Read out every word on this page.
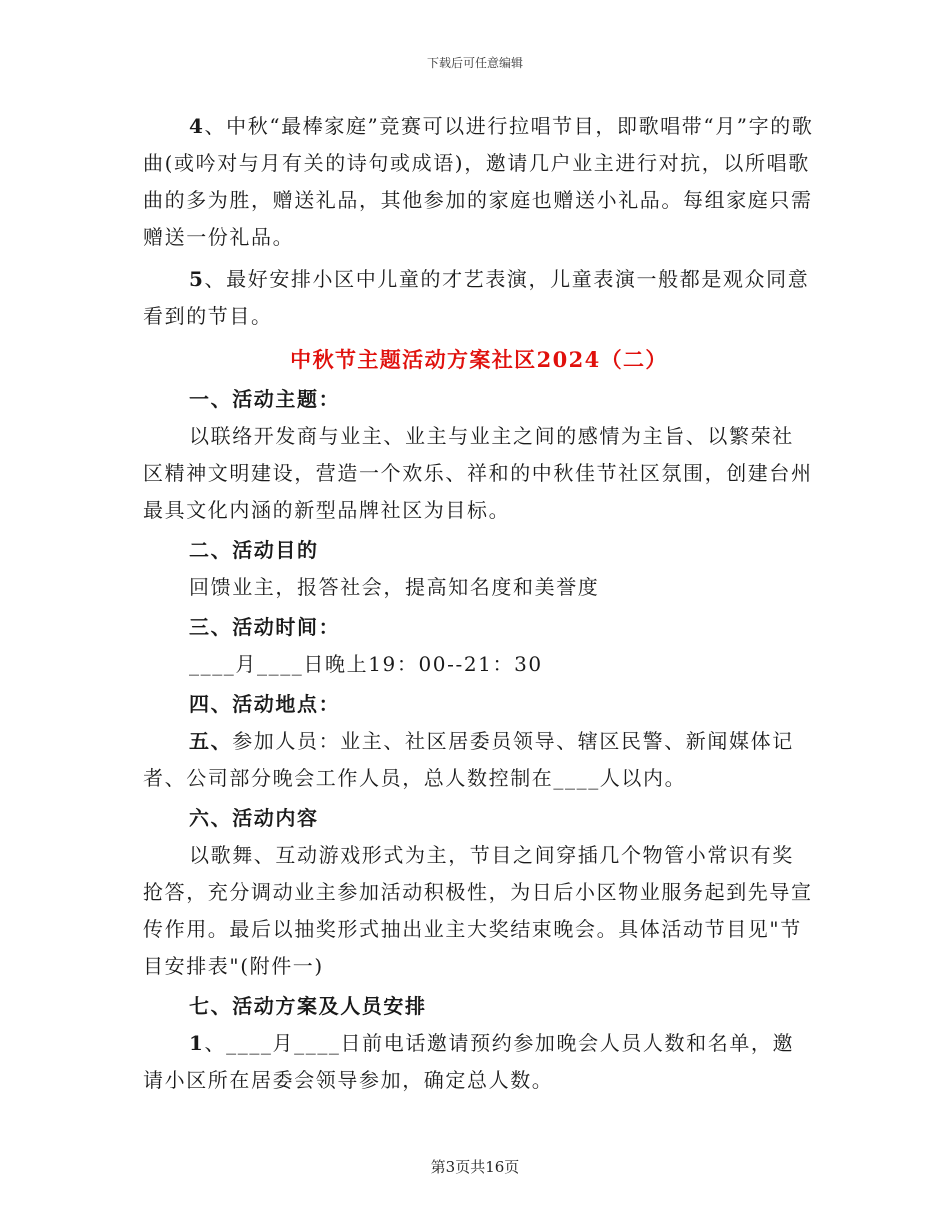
下载后可任意编辑

4、中秋“最棒家庭”竞赛可以进行拉唱节目，即歌唱带“月”字的歌曲(或吟对与月有关的诗句或成语)，邀请几户业主进行对抗，以所唱歌曲的多为胜，赠送礼品，其他参加的家庭也赠送小礼品。每组家庭只需赠送一份礼品。

5、最好安排小区中儿童的才艺表演，儿童表演一般都是观众同意看到的节目。

中秋节主题活动方案社区2024（二）

一、活动主题：

以联络开发商与业主、业主与业主之间的感情为主旨、以繁荣社区精神文明建设，营造一个欢乐、祥和的中秋佳节社区氛围，创建台州最具文化内涵的新型品牌社区为目标。

二、活动目的

回馈业主，报答社会，提高知名度和美誉度

三、活动时间：

____月____日晚上19：00--21：30

四、活动地点：

五、参加人员：业主、社区居委员领导、辖区民警、新闻媒体记者、公司部分晚会工作人员，总人数控制在____人以内。

六、活动内容

以歌舞、互动游戏形式为主，节目之间穿插几个物管小常识有奖抢答，充分调动业主参加活动积极性，为日后小区物业服务起到先导宣传作用。最后以抽奖形式抽出业主大奖结束晚会。具体活动节目见"节目安排表"(附件一)

七、活动方案及人员安排

1、____月____日前电话邀请预约参加晚会人员人数和名单，邀请小区所在居委会领导参加，确定总人数。

第3页共16页
